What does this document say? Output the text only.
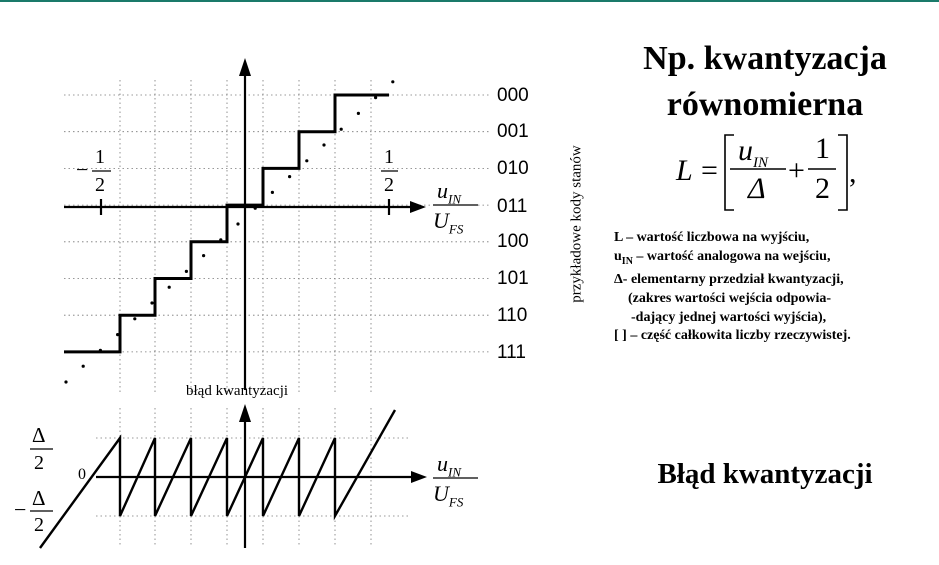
Np. kwantyzacja
równomierna
L =
$u_{IN}$
Δ
+
1
2 ,
L – wartość liczbowa na wyjściu,
$u_{IN}$ – wartość analogowa na wejściu,
Δ- elementarny przedział kwantyzacji,
(zakres wartości wejścia odpowia-
-dający jednej wartości wyjścia),
[ ] – część całkowita liczby rzeczywistej.
Błąd kwantyzacji
000
001
010
011
100
101
110
111
przykładowe kody stanów
− 1
2
1
2 $u_{IN}$
$U_{FS}$
błąd kwantyzacji
0
Δ
2
− Δ
2
$u_{IN}$
$U_{FS}$
